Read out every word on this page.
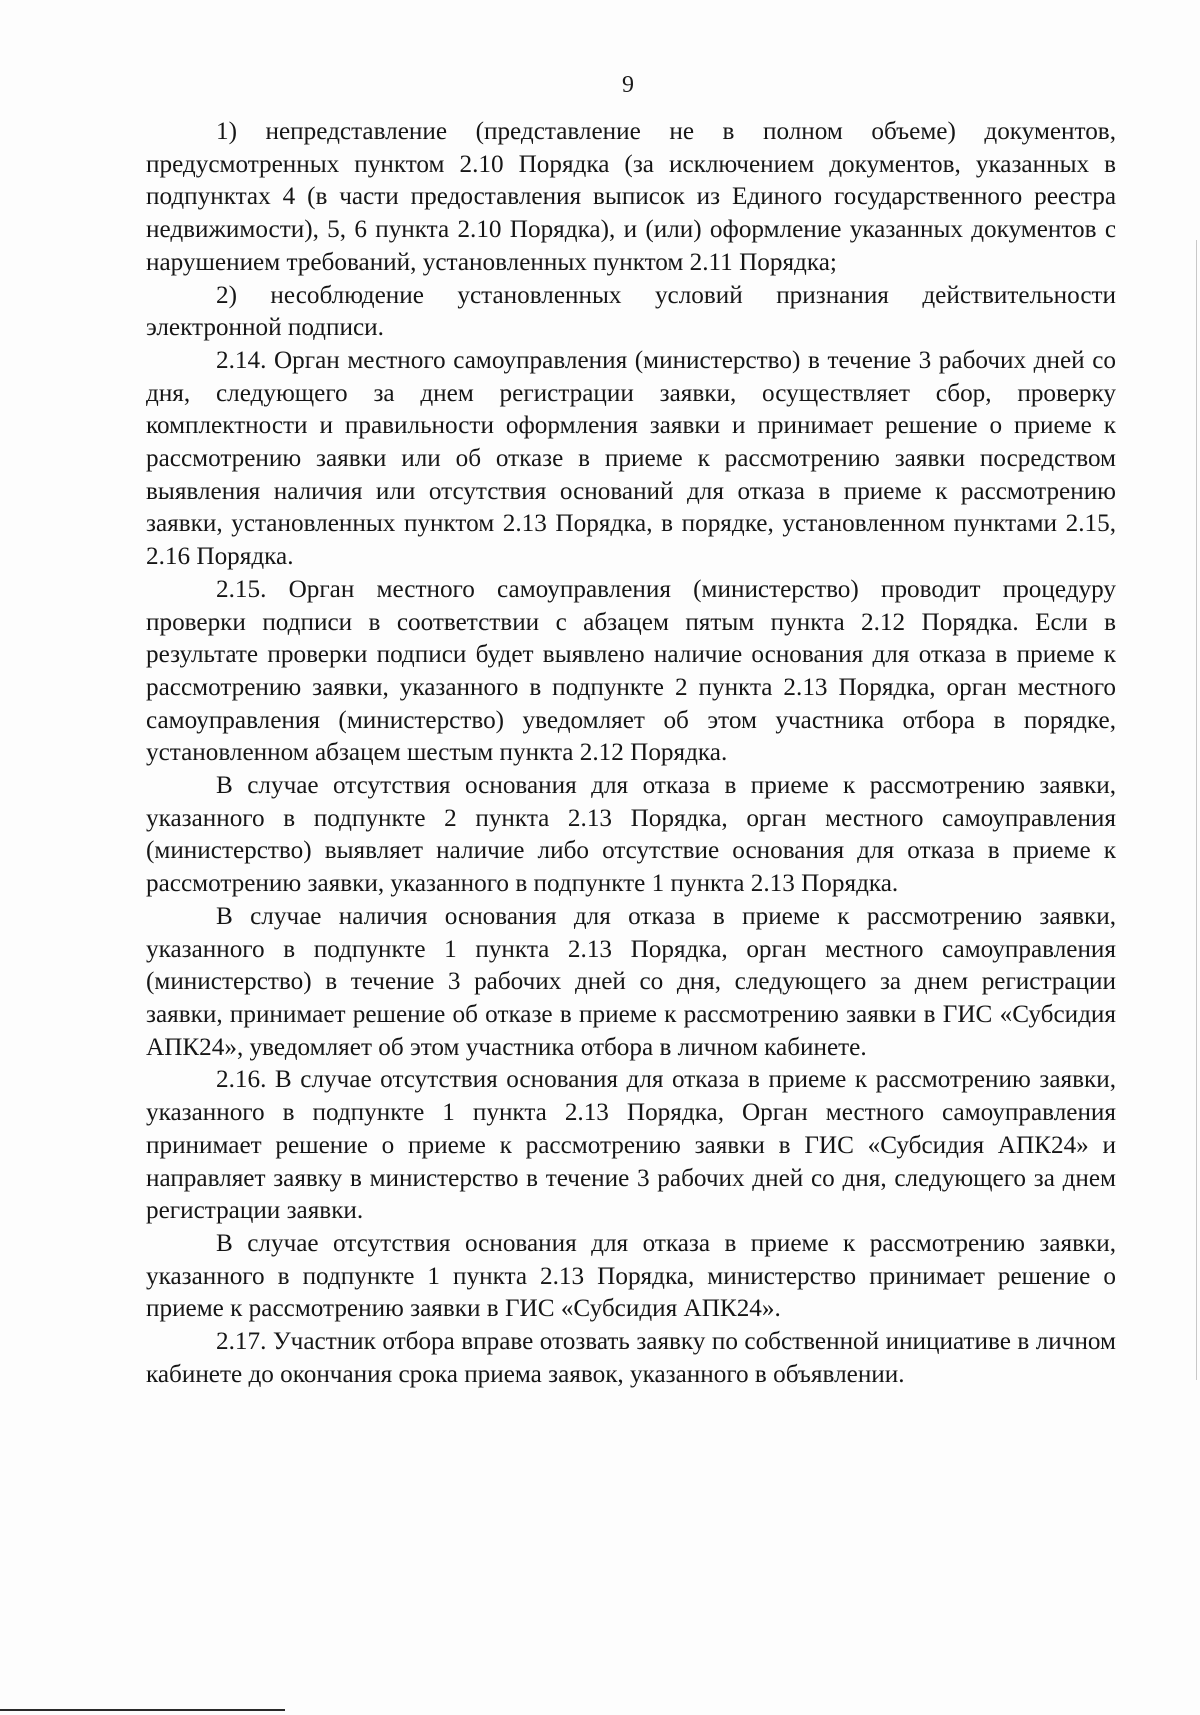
9

1) непредставление (представление не в полном объеме) документов, предусмотренных пунктом 2.10 Порядка (за исключением документов, указанных в подпунктах 4 (в части предоставления выписок из Единого государственного реестра недвижимости), 5, 6 пункта 2.10 Порядка), и (или) оформление указанных документов с нарушением требований, установленных пунктом 2.11 Порядка;

2) несоблюдение установленных условий признания действительности электронной подписи.

2.14. Орган местного самоуправления (министерство) в течение 3 рабочих дней со дня, следующего за днем регистрации заявки, осуществляет сбор, проверку комплектности и правильности оформления заявки и принимает решение о приеме к рассмотрению заявки или об отказе в приеме к рассмотрению заявки посредством выявления наличия или отсутствия оснований для отказа в приеме к рассмотрению заявки, установленных пунктом 2.13 Порядка, в порядке, установленном пунктами 2.15, 2.16 Порядка.

2.15. Орган местного самоуправления (министерство) проводит процедуру проверки подписи в соответствии с абзацем пятым пункта 2.12 Порядка. Если в результате проверки подписи будет выявлено наличие основания для отказа в приеме к рассмотрению заявки, указанного в подпункте 2 пункта 2.13 Порядка, орган местного самоуправления (министерство) уведомляет об этом участника отбора в порядке, установленном абзацем шестым пункта 2.12 Порядка.

В случае отсутствия основания для отказа в приеме к рассмотрению заявки, указанного в подпункте 2 пункта 2.13 Порядка, орган местного самоуправления (министерство) выявляет наличие либо отсутствие основания для отказа в приеме к рассмотрению заявки, указанного в подпункте 1 пункта 2.13 Порядка.

В случае наличия основания для отказа в приеме к рассмотрению заявки, указанного в подпункте 1 пункта 2.13 Порядка, орган местного самоуправления (министерство) в течение 3 рабочих дней со дня, следующего за днем регистрации заявки, принимает решение об отказе в приеме к рассмотрению заявки в ГИС «Субсидия АПК24», уведомляет об этом участника отбора в личном кабинете.

2.16. В случае отсутствия основания для отказа в приеме к рассмотрению заявки, указанного в подпункте 1 пункта 2.13 Порядка, Орган местного самоуправления принимает решение о приеме к рассмотрению заявки в ГИС «Субсидия АПК24» и направляет заявку в министерство в течение 3 рабочих дней со дня, следующего за днем регистрации заявки.

В случае отсутствия основания для отказа в приеме к рассмотрению заявки, указанного в подпункте 1 пункта 2.13 Порядка, министерство принимает решение о приеме к рассмотрению заявки в ГИС «Субсидия АПК24».

2.17. Участник отбора вправе отозвать заявку по собственной инициативе в личном кабинете до окончания срока приема заявок, указанного в объявлении.
